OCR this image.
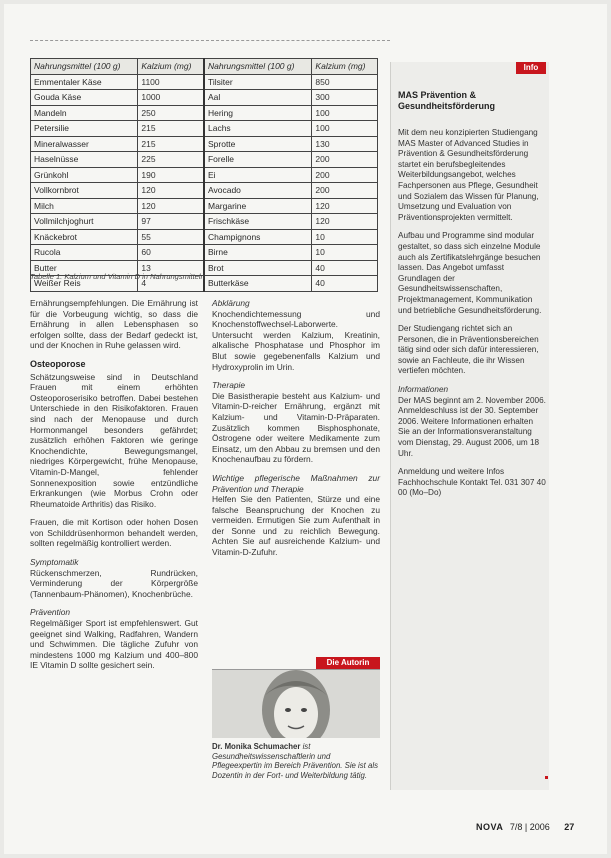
Nahrungsmittel (100 g)	Kalzium (mg)	Nahrungsmittel (100 g)	Kalzium (mg)
Emmentaler Käse	1100	Tilsiter	850
Gouda Käse	1000	Aal	300
Mandeln	250	Hering	100
Petersilie	215	Lachs	100
Mineralwasser	215	Sprotte	130
Haselnüsse	225	Forelle	200
Grünkohl	190	Ei	200
Vollkornbrot	120	Avocado	200
Milch	120	Margarine	120
Vollmilchjoghurt	97	Frischkäse	120
Knäckebrot	55	Champignons	10
Rucola	60	Birne	10
Butter	13	Brot	40
Weißer Reis	4	Butterkäse	40
Tabelle 1: Kalzium und Vitamin D in Nahrungsmitteln

Ernährungsempfehlungen. Die Ernährung ist für die Vorbeugung wichtig, so dass die Ernährung in allen Lebensphasen so erfolgen sollte, dass der Bedarf gedeckt ist, und der Knochen in Ruhe gelassen wird.

Osteoporose

Schätzungsweise sind in Deutschland Frauen mit einem erhöhten Osteoporoserisiko betroffen. Dabei bestehen Unterschiede in den Risikofaktoren. Frauen sind nach der Menopause und durch Hormonmangel besonders gefährdet; zusätzlich erhöhen Faktoren wie geringe Knochendichte, Bewegungsmangel, niedriges Körpergewicht, frühe Menopause, Vitamin-D-Mangel, fehlender Sonnenexposition sowie entzündliche Erkrankungen (wie Morbus Crohn oder Rheumatoide Arthritis) das Risiko.

Frauen, die mit Kortison oder hohen Dosen von Schilddrüsenhormon behandelt werden, sollten regelmäßig kontrolliert werden.

Symptomatik

Rückenschmerzen, Rundrücken, Verminderung der Körpergröße (Tannenbaum-Phänomen), Knochenbrüche.

Prävention

Regelmäßiger Sport ist empfehlenswert. Gut geeignet sind Walking, Radfahren, Wandern und Schwimmen. Die tägliche Zufuhr von mindestens 1000 mg Kalzium und 400–800 IE Vitamin D sollte gesichert sein.

Abklärung

Knochendichtemessung und Knochenstoffwechsel-Laborwerte. Untersucht werden Kalzium, Kreatinin, alkalische Phosphatase und Phosphor im Blut sowie gegebenenfalls Kalzium und Hydroxyprolin im Urin.

Therapie

Die Basistherapie besteht aus Kalzium- und Vitamin-D-reicher Ernährung, ergänzt mit Kalzium- und Vitamin-D-Präparaten. Zusätzlich kommen Bisphosphonate, Östrogene oder weitere Medikamente zum Einsatz, um den Abbau zu bremsen und den Knochenaufbau zu fördern.

Wichtige pflegerische Maßnahmen zur Prävention und Therapie

Helfen Sie den Patienten, Stürze und eine falsche Beanspruchung der Knochen zu vermeiden. Ermutigen Sie zum Aufenthalt in der Sonne und zu reichlich Bewegung. Achten Sie auf ausreichende Kalzium- und Vitamin-D-Zufuhr.

Die Autorin
Dr. Monika Schumacher ist Gesundheitswissenschaftlerin und Pflegeexpertin im Bereich Prävention. Sie ist als Dozentin in der Fort- und Weiterbildung tätig.
Info
MAS Prävention & Gesundheitsförderung

Mit dem neu konzipierten Studiengang MAS Master of Advanced Studies in Prävention & Gesundheitsförderung startet ein berufsbegleitendes Weiterbildungsangebot, welches Fachpersonen aus Pflege, Gesundheit und Sozialem das Wissen für Planung, Umsetzung und Evaluation von Präventionsprojekten vermittelt.

Aufbau und Programme sind modular gestaltet, so dass sich einzelne Module auch als Zertifikatslehrgänge besuchen lassen. Das Angebot umfasst Grundlagen der Gesundheitswissenschaften, Projektmanagement, Kommunikation und betriebliche Gesundheitsförderung.

Der Studiengang richtet sich an Personen, die in Präventionsbereichen tätig sind oder sich dafür interessieren, sowie an Fachleute, die ihr Wissen vertiefen möchten.

Informationen

Der MAS beginnt am 2. November 2006. Anmeldeschluss ist der 30. September 2006. Weitere Informationen erhalten Sie an der Informationsveranstaltung vom Dienstag, 29. August 2006, um 18 Uhr.

Anmeldung und weitere Infos Fachhochschule Kontakt Tel. 031 307 40 00 (Mo–Do)

NOVA 7/8 | 2006 27
